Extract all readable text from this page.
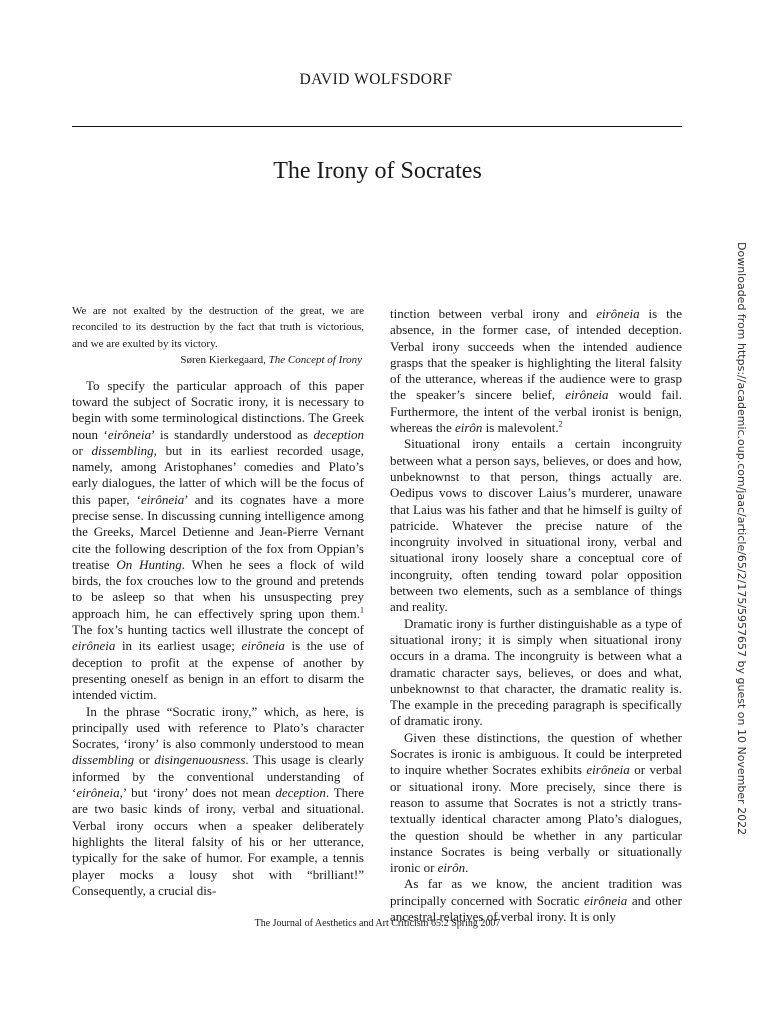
DAVID WOLFSDORF
The Irony of Socrates
We are not exalted by the destruction of the great, we are reconciled to its destruction by the fact that truth is victorious, and we are exulted by its victory.
Søren Kierkegaard, The Concept of Irony

To specify the particular approach of this paper toward the subject of Socratic irony, it is necessary to begin with some terminological distinctions. The Greek noun ‘eirôneia’ is standardly understood as deception or dissembling, but in its earliest recorded usage, namely, among Aristophanes’ comedies and Plato’s early dialogues, the latter of which will be the focus of this paper, ‘eirôneia’ and its cognates have a more precise sense. In discussing cunning intelligence among the Greeks, Marcel Detienne and Jean-Pierre Vernant cite the following description of the fox from Oppian’s treatise On Hunting. When he sees a flock of wild birds, the fox crouches low to the ground and pretends to be asleep so that when his unsuspecting prey approach him, he can effectively spring upon them.$^1$ The fox’s hunting tactics well illustrate the concept of eirôneia in its earliest usage; eirôneia is the use of deception to profit at the expense of another by presenting oneself as benign in an effort to disarm the intended victim.

In the phrase “Socratic irony,” which, as here, is principally used with reference to Plato’s character Socrates, ‘irony’ is also commonly understood to mean dissembling or disingenuousness. This usage is clearly informed by the conventional understanding of ‘eirôneia,’ but ‘irony’ does not mean deception. There are two basic kinds of irony, verbal and situational. Verbal irony occurs when a speaker deliberately highlights the literal falsity of his or her utterance, typically for the sake of humor. For example, a tennis player mocks a lousy shot with “brilliant!” Consequently, a crucial dis-

tinction between verbal irony and eirôneia is the absence, in the former case, of intended deception. Verbal irony succeeds when the intended audience grasps that the speaker is highlighting the literal falsity of the utterance, whereas if the audience were to grasp the speaker’s sincere belief, eirôneia would fail. Furthermore, the intent of the verbal ironist is benign, whereas the eirôn is malevolent.$^2$

Situational irony entails a certain incongruity between what a person says, believes, or does and how, unbeknownst to that person, things actually are. Oedipus vows to discover Laius’s murderer, unaware that Laius was his father and that he himself is guilty of patricide. Whatever the precise nature of the incongruity involved in situational irony, verbal and situational irony loosely share a conceptual core of incongruity, often tending toward polar opposition between two elements, such as a semblance of things and reality.

Dramatic irony is further distinguishable as a type of situational irony; it is simply when situational irony occurs in a drama. The incongruity is between what a dramatic character says, believes, or does and what, unbeknownst to that character, the dramatic reality is. The example in the preceding paragraph is specifically of dramatic irony.

Given these distinctions, the question of whether Socrates is ironic is ambiguous. It could be interpreted to inquire whether Socrates exhibits eirôneia or verbal or situational irony. More precisely, since there is reason to assume that Socrates is not a strictly trans-textually identical character among Plato’s dialogues, the question should be whether in any particular instance Socrates is being verbally or situationally ironic or eirôn.

As far as we know, the ancient tradition was principally concerned with Socratic eirôneia and other ancestral relatives of verbal irony. It is only

Downloaded from https://academic.oup.com/jaac/article/65/2/175/5957657 by guest on 10 November 2022
The Journal of Aesthetics and Art Criticism 65:2 Spring 2007
